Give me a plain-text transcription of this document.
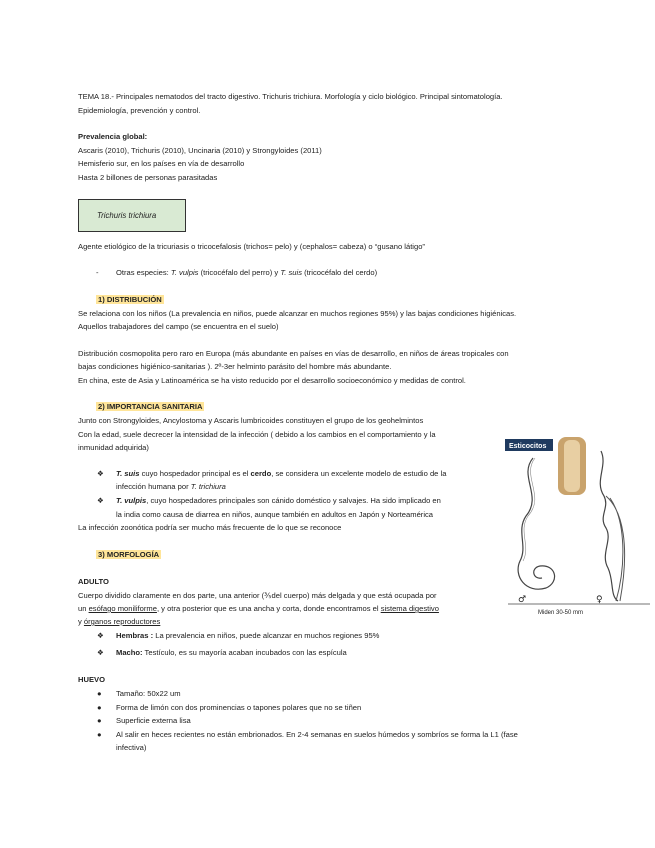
TEMA 18.- Principales nematodos del tracto digestivo. Trichuris trichiura. Morfología y ciclo biológico. Principal sintomatología.
Epidemiología, prevención y control.
Prevalencia global:
Ascaris (2010), Trichuris (2010), Uncinaria (2010) y Strongyloides (2011)
Hemisferio sur, en los países en vía de desarrollo
Hasta 2 billones de personas parasitadas
Trichuris trichiura
Agente etiológico de la tricuriasis o tricocefalosis (trichos= pelo) y (cephalos= cabeza) o “gusano látigo”
- Otras especies: T. vulpis (tricocéfalo del perro) y T. suis (tricocéfalo del cerdo)
1) DISTRIBUCIÓN
Se relaciona con los niños (La prevalencia en niños, puede alcanzar en muchos regiones 95%) y las bajas condiciones higiénicas.
Aquellos trabajadores del campo (se encuentra en el suelo)
Distribución cosmopolita pero raro en Europa (más abundante en países en vías de desarrollo, en niños de áreas tropicales con
bajas condiciones higiénico-sanitarias ). 2º-3er helminto parásito del hombre más abundante.
En china, este de Asia y Latinoamérica se ha visto reducido por el desarrollo socioeconómico y medidas de control.
2) IMPORTANCIA SANITARIA
Junto con Strongyloides, Ancylostoma y Ascaris lumbricoides constituyen el grupo de los geohelmintos
Con la edad, suele decrecer la intensidad de la infección ( debido a los cambios en el comportamiento y la
inmunidad adquirida)
❖ T. suis cuyo hospedador principal es el cerdo, se considera un excelente modelo de estudio de la
infección humana por T. trichiura
❖ T. vulpis, cuyo hospedadores principales son cánido doméstico y salvajes. Ha sido implicado en
la india como causa de diarrea en niños, aunque también en adultos en Japón y Norteamérica
La infección zoonótica podría ser mucho más frecuente de lo que se reconoce
3) MORFOLOGÍA
ADULTO
Cuerpo dividido claramente en dos parte, una anterior (⅗del cuerpo) más delgada y que está ocupada por
un esófago moniliforme, y otra posterior que es una ancha y corta, donde encontramos el sistema digestivo
y órganos reproductores
❖ Hembras : La prevalencia en niños, puede alcanzar en muchos regiones 95%
❖ Macho: Testículo, es su mayoría acaban incubados con las espícula
HUEVO
● Tamaño: 50x22 um
● Forma de limón con dos prominencias o tapones polares que no se tiñen
● Superficie externa lisa
● Al salir en heces recientes no están embrionados. En 2-4 semanas en suelos húmedos y sombríos se forma la L1 (fase
infectiva)
Esticocitos
♂	♀
Miden 30-50 mm
